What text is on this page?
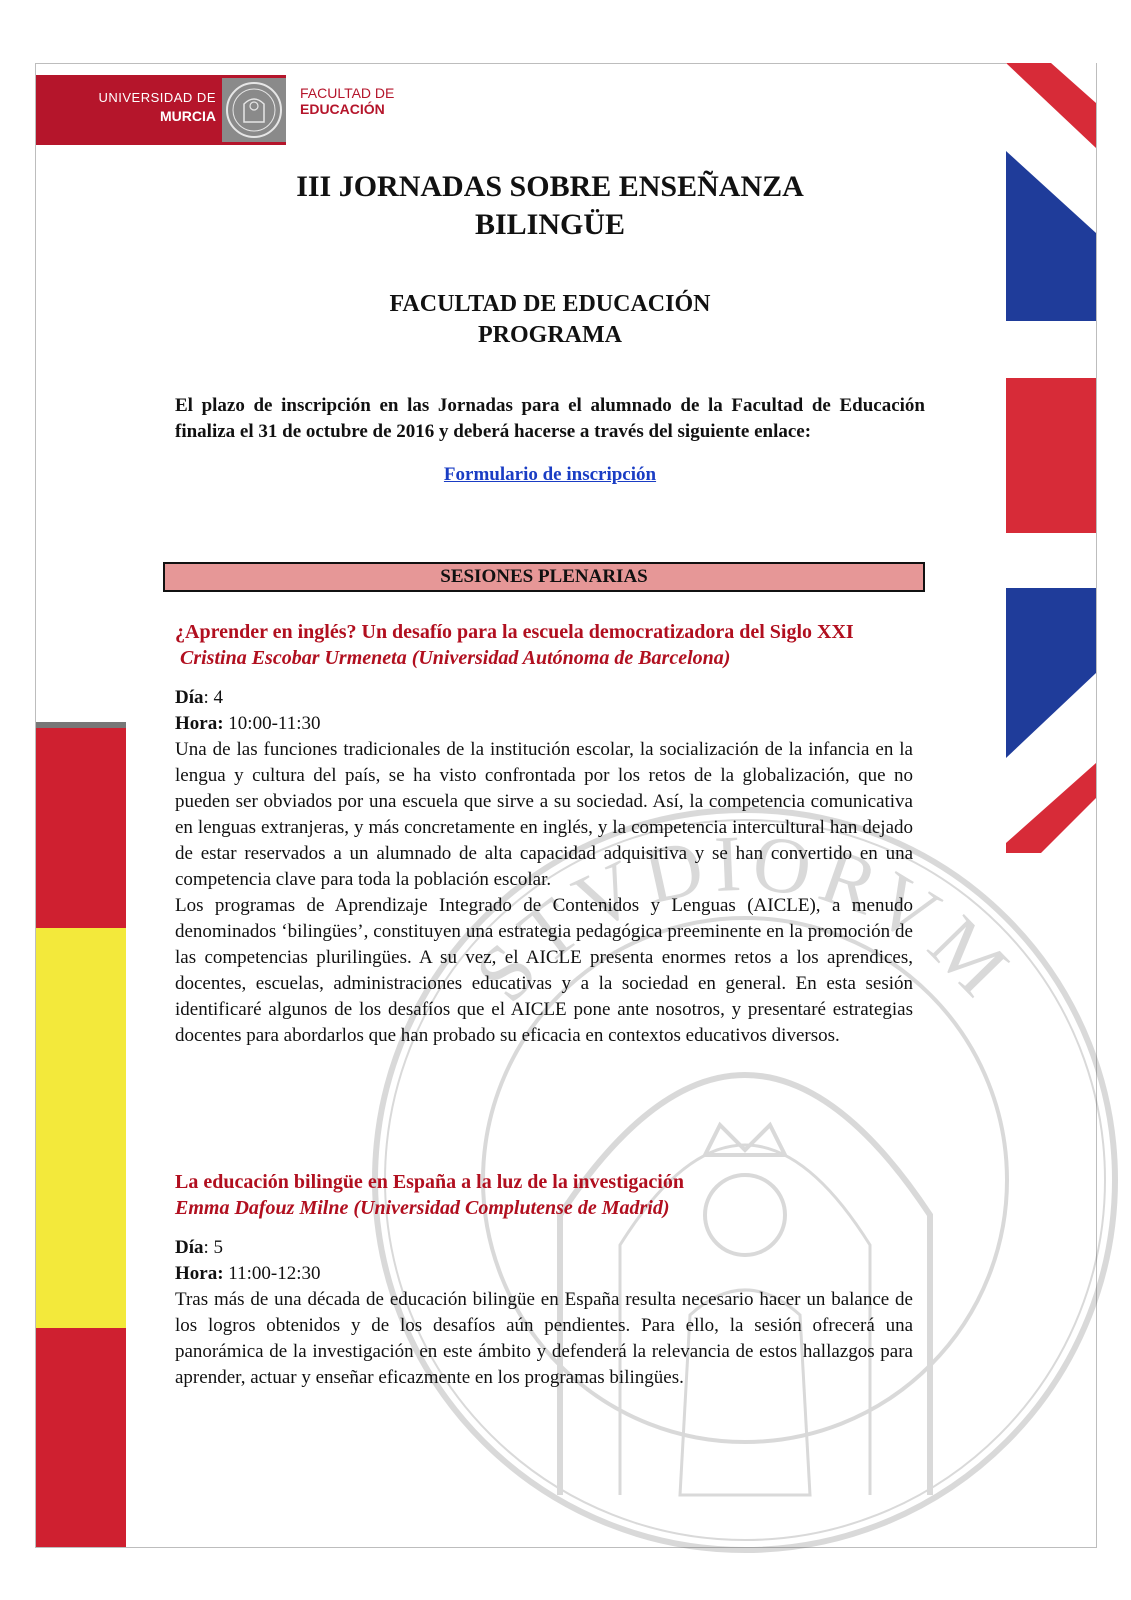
UNIVERSIDAD DE
MURCIA
FACULTAD DE
EDUCACIÓN
STVDIORVM
III JORNADAS SOBRE ENSEÑANZA
BILINGÜE
FACULTAD DE EDUCACIÓN
PROGRAMA

El plazo de inscripción en las Jornadas para el alumnado de la Facultad de Educación finaliza el 31 de octubre de 2016 y deberá hacerse a través del siguiente enlace:

Formulario de inscripción
SESIONES PLENARIAS

¿Aprender en inglés? Un desafío para la escuela democratizadora del Siglo XXI

Cristina Escobar Urmeneta (Universidad Autónoma de Barcelona)

Día: 4

Hora: 10:00-11:30

Una de las funciones tradicionales de la institución escolar, la socialización de la infancia en la lengua y cultura del país, se ha visto confrontada por los retos de la globalización, que no pueden ser obviados por una escuela que sirve a su sociedad. Así, la competencia comunicativa en lenguas extranjeras, y más concretamente en inglés, y la competencia intercultural han dejado de estar reservados a un alumnado de alta capacidad adquisitiva y se han convertido en una competencia clave para toda la población escolar.

Los programas de Aprendizaje Integrado de Contenidos y Lenguas (AICLE), a menudo denominados ‘bilingües’, constituyen una estrategia pedagógica preeminente en la promoción de las competencias plurilingües. A su vez, el AICLE presenta enormes retos a los aprendices, docentes, escuelas, administraciones educativas y a la sociedad en general. En esta sesión identificaré algunos de los desafíos que el AICLE pone ante nosotros, y presentaré estrategias docentes para abordarlos que han probado su eficacia en contextos educativos diversos.

La educación bilingüe en España a la luz de la investigación

Emma Dafouz Milne (Universidad Complutense de Madrid)

Día: 5

Hora: 11:00-12:30

Tras más de una década de educación bilingüe en España resulta necesario hacer un balance de los logros obtenidos y de los desafíos aún pendientes. Para ello, la sesión ofrecerá una panorámica de la investigación en este ámbito y defenderá la relevancia de estos hallazgos para aprender, actuar y enseñar eficazmente en los programas bilingües.
